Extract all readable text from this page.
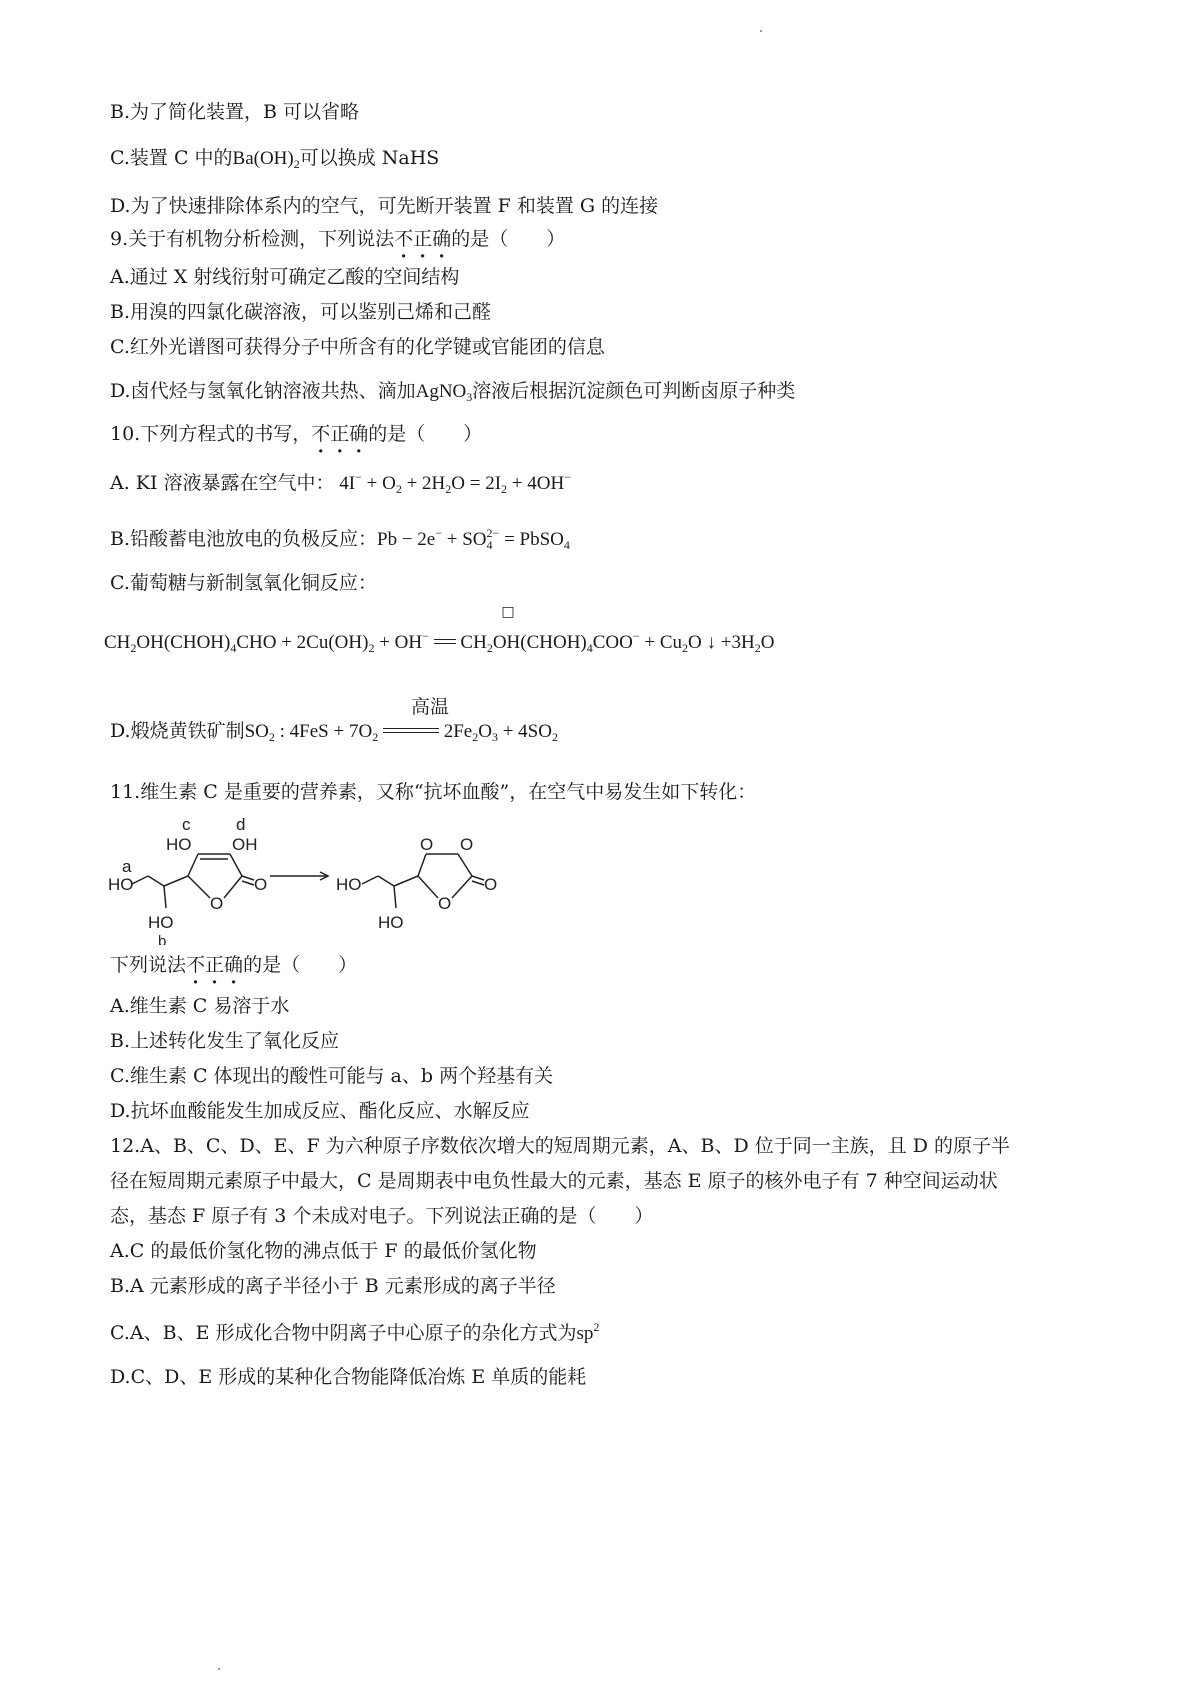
B.为了简化装置，B 可以省略
C.装置 C 中的$Ba(OH)_2$可以换成 NaHS
D.为了快速排除体系内的空气，可先断开装置 F 和装置 G 的连接
9.关于有机物分析检测，下列说法不正确的是（　　）
A.通过 X 射线衍射可确定乙酸的空间结构
B.用溴的四氯化碳溶液，可以鉴别己烯和己醛
C.红外光谱图可获得分子中所含有的化学键或官能团的信息
D.卤代烃与氢氧化钠溶液共热、滴加AgNO$_3$溶液后根据沉淀颜色可判断卤原子种类
10.下列方程式的书写，不正确的是（　　）
A. KI 溶液暴露在空气中： $4I^- + O_2 + 2H_2O = 2I_2 + 4OH^-$
B.铅酸蓄电池放电的负极反应：$Pb - 2e^- + SO_4^{2-}$ = PbSO$_4$
C.葡萄糖与新制氢氧化铜反应：
□
$CH_2OH(CHOH)_4CHO + 2Cu(OH)_2 + OH^-$  $CH_2OH(CHOH)_4COO^- + Cu_2O$ ↓ $+3H_2O$
高温
D.煅烧黄铁矿制$SO_2$ : $4FeS + 7O_2$	$2Fe_2O_3 + 4SO_2$
11.维生素 C 是重要的营养素，又称“抗坏血酸”，在空气中易发生如下转化：
c	d
HO OH
a
HO
HO
b
O
O
O O
HO
HO
O
O
下列说法不正确的是（　　）
A.维生素 C 易溶于水
B.上述转化发生了氧化反应
C.维生素 C 体现出的酸性可能与 a、b 两个羟基有关
D.抗坏血酸能发生加成反应、酯化反应、水解反应
12.A、B、C、D、E、F 为六种原子序数依次增大的短周期元素，A、B、D 位于同一主族，且 D 的原子半
径在短周期元素原子中最大，C 是周期表中电负性最大的元素，基态 E 原子的核外电子有 7 种空间运动状
态，基态 F 原子有 3 个未成对电子。下列说法正确的是（　　）
A.C 的最低价氢化物的沸点低于 F 的最低价氢化物
B.A 元素形成的离子半径小于 B 元素形成的离子半径
C.A、B、E 形成化合物中阴离子中心原子的杂化方式为$sp^2$
D.C、D、E 形成的某种化合物能降低冶炼 E 单质的能耗
